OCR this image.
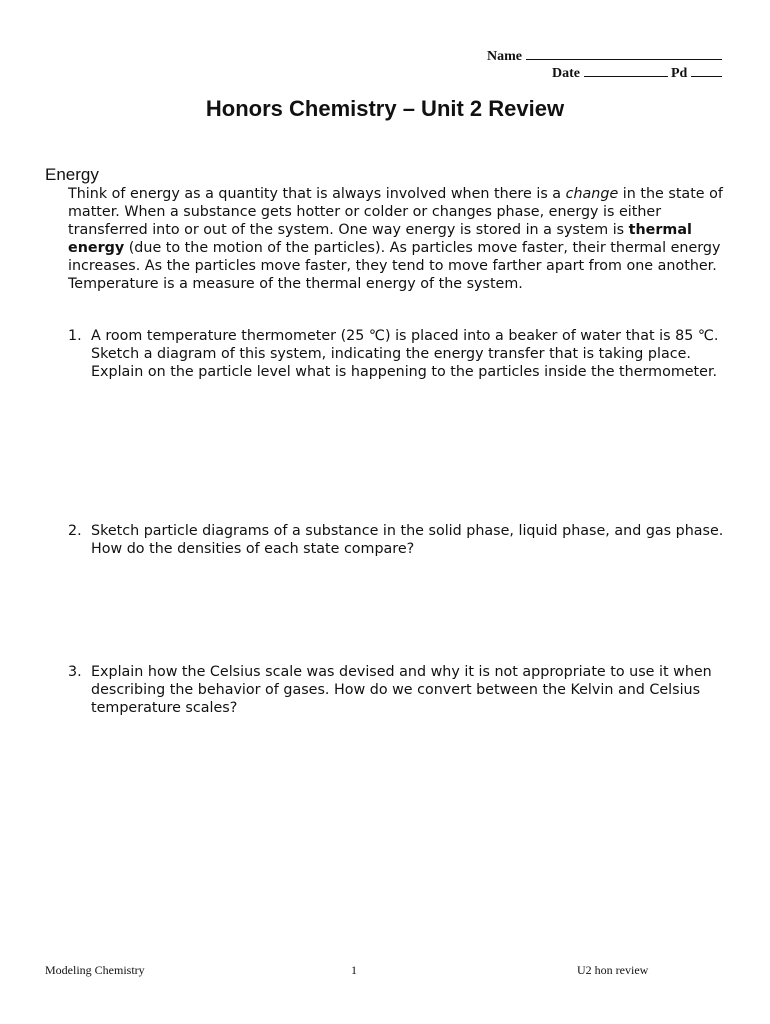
Name
Date	Pd
Honors Chemistry – Unit 2 Review
Energy
Think of energy as a quantity that is always involved when there is a change in the state of matter. When a substance gets hotter or colder or changes phase, energy is either transferred into or out of the system. One way energy is stored in a system is thermal energy (due to the motion of the particles). As particles move faster, their thermal energy increases. As the particles move faster, they tend to move farther apart from one another. Temperature is a measure of the thermal energy of the system.
1. A room temperature thermometer (25 ℃) is placed into a beaker of water that is 85 ℃. Sketch a diagram of this system, indicating the energy transfer that is taking place. Explain on the particle level what is happening to the particles inside the thermometer.
2. Sketch particle diagrams of a substance in the solid phase, liquid phase, and gas phase. How do the densities of each state compare?
3. Explain how the Celsius scale was devised and why it is not appropriate to use it when describing the behavior of gases. How do we convert between the Kelvin and Celsius temperature scales?
Modeling Chemistry	1	U2 hon review
